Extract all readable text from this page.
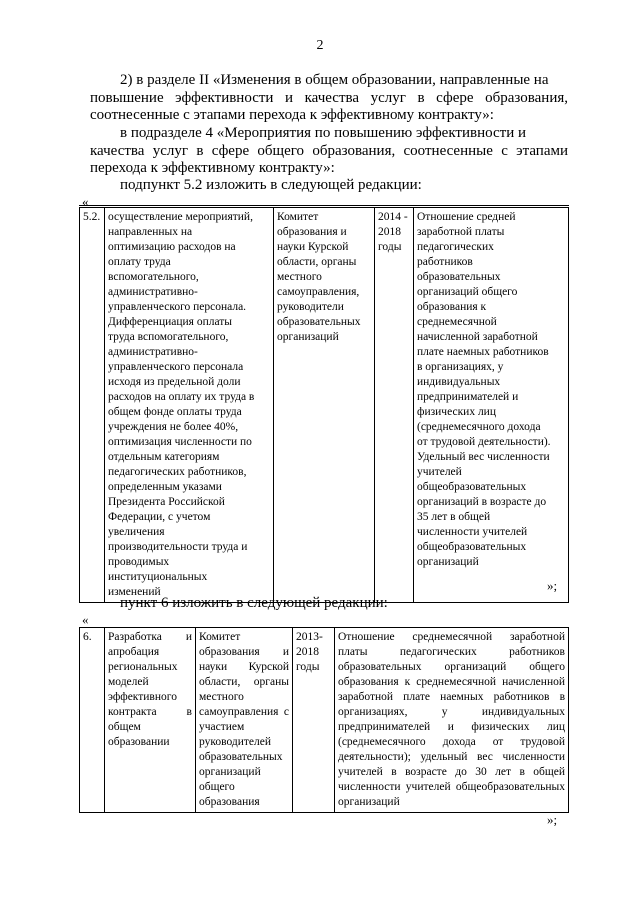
2
2) в разделе II «Изменения в общем образовании, направленные на
повышение эффективности и качества услуг в сфере образования, соотнесенные с этапами перехода к эффективному контракту»:
в подразделе 4 «Мероприятия по повышению эффективности и
качества услуг в сфере общего образования, соотнесенные с этапами перехода к эффективному контракту»:
подпункт 5.2 изложить в следующей редакции:
«
5.2.	осуществление мероприятий,
направленных на
оптимизацию расходов на
оплату труда
вспомогательного,
административно-
управленческого персонала.
Дифференциация оплаты
труда вспомогательного,
административно-
управленческого персонала
исходя из предельной доли
расходов на оплату их труда в
общем фонде оплаты труда
учреждения не более 40%,
оптимизация численности по
отдельным категориям
педагогических работников,
определенным указами
Президента Российской
Федерации, с учетом
увеличения
производительности труда и
проводимых
институциональных
изменений	Комитет
образования и
науки Курской
области, органы
местного
самоуправления,
руководители
образовательных
организаций	2014 -
2018
годы	Отношение средней
заработной платы
педагогических
работников
образовательных
организаций общего
образования к
среднемесячной
начисленной заработной
плате наемных работников
в организациях, у
индивидуальных
предпринимателей и
физических лиц
(среднемесячного дохода
от трудовой деятельности).
Удельный вес численности
учителей
общеобразовательных
организаций в возрасте до
35 лет в общей
численности учителей
общеобразовательных
организаций
»;
пункт 6 изложить в следующей редакции:
«
6.	Разработка и апробация региональных моделей эффективного контракта в общем образовании	Комитет образования и науки Курской области, органы местного самоуправления с участием руководителей образовательных организаций общего образования	2013-
2018
годы	Отношение среднемесячной заработной платы педагогических работников образовательных организаций общего образования к среднемесячной начисленной заработной плате наемных работников в организациях, у индивидуальных предпринимателей и физических лиц (среднемесячного дохода от трудовой деятельности); удельный вес численности учителей в возрасте до 30 лет в общей численности учителей общеобразовательных организаций
»;
